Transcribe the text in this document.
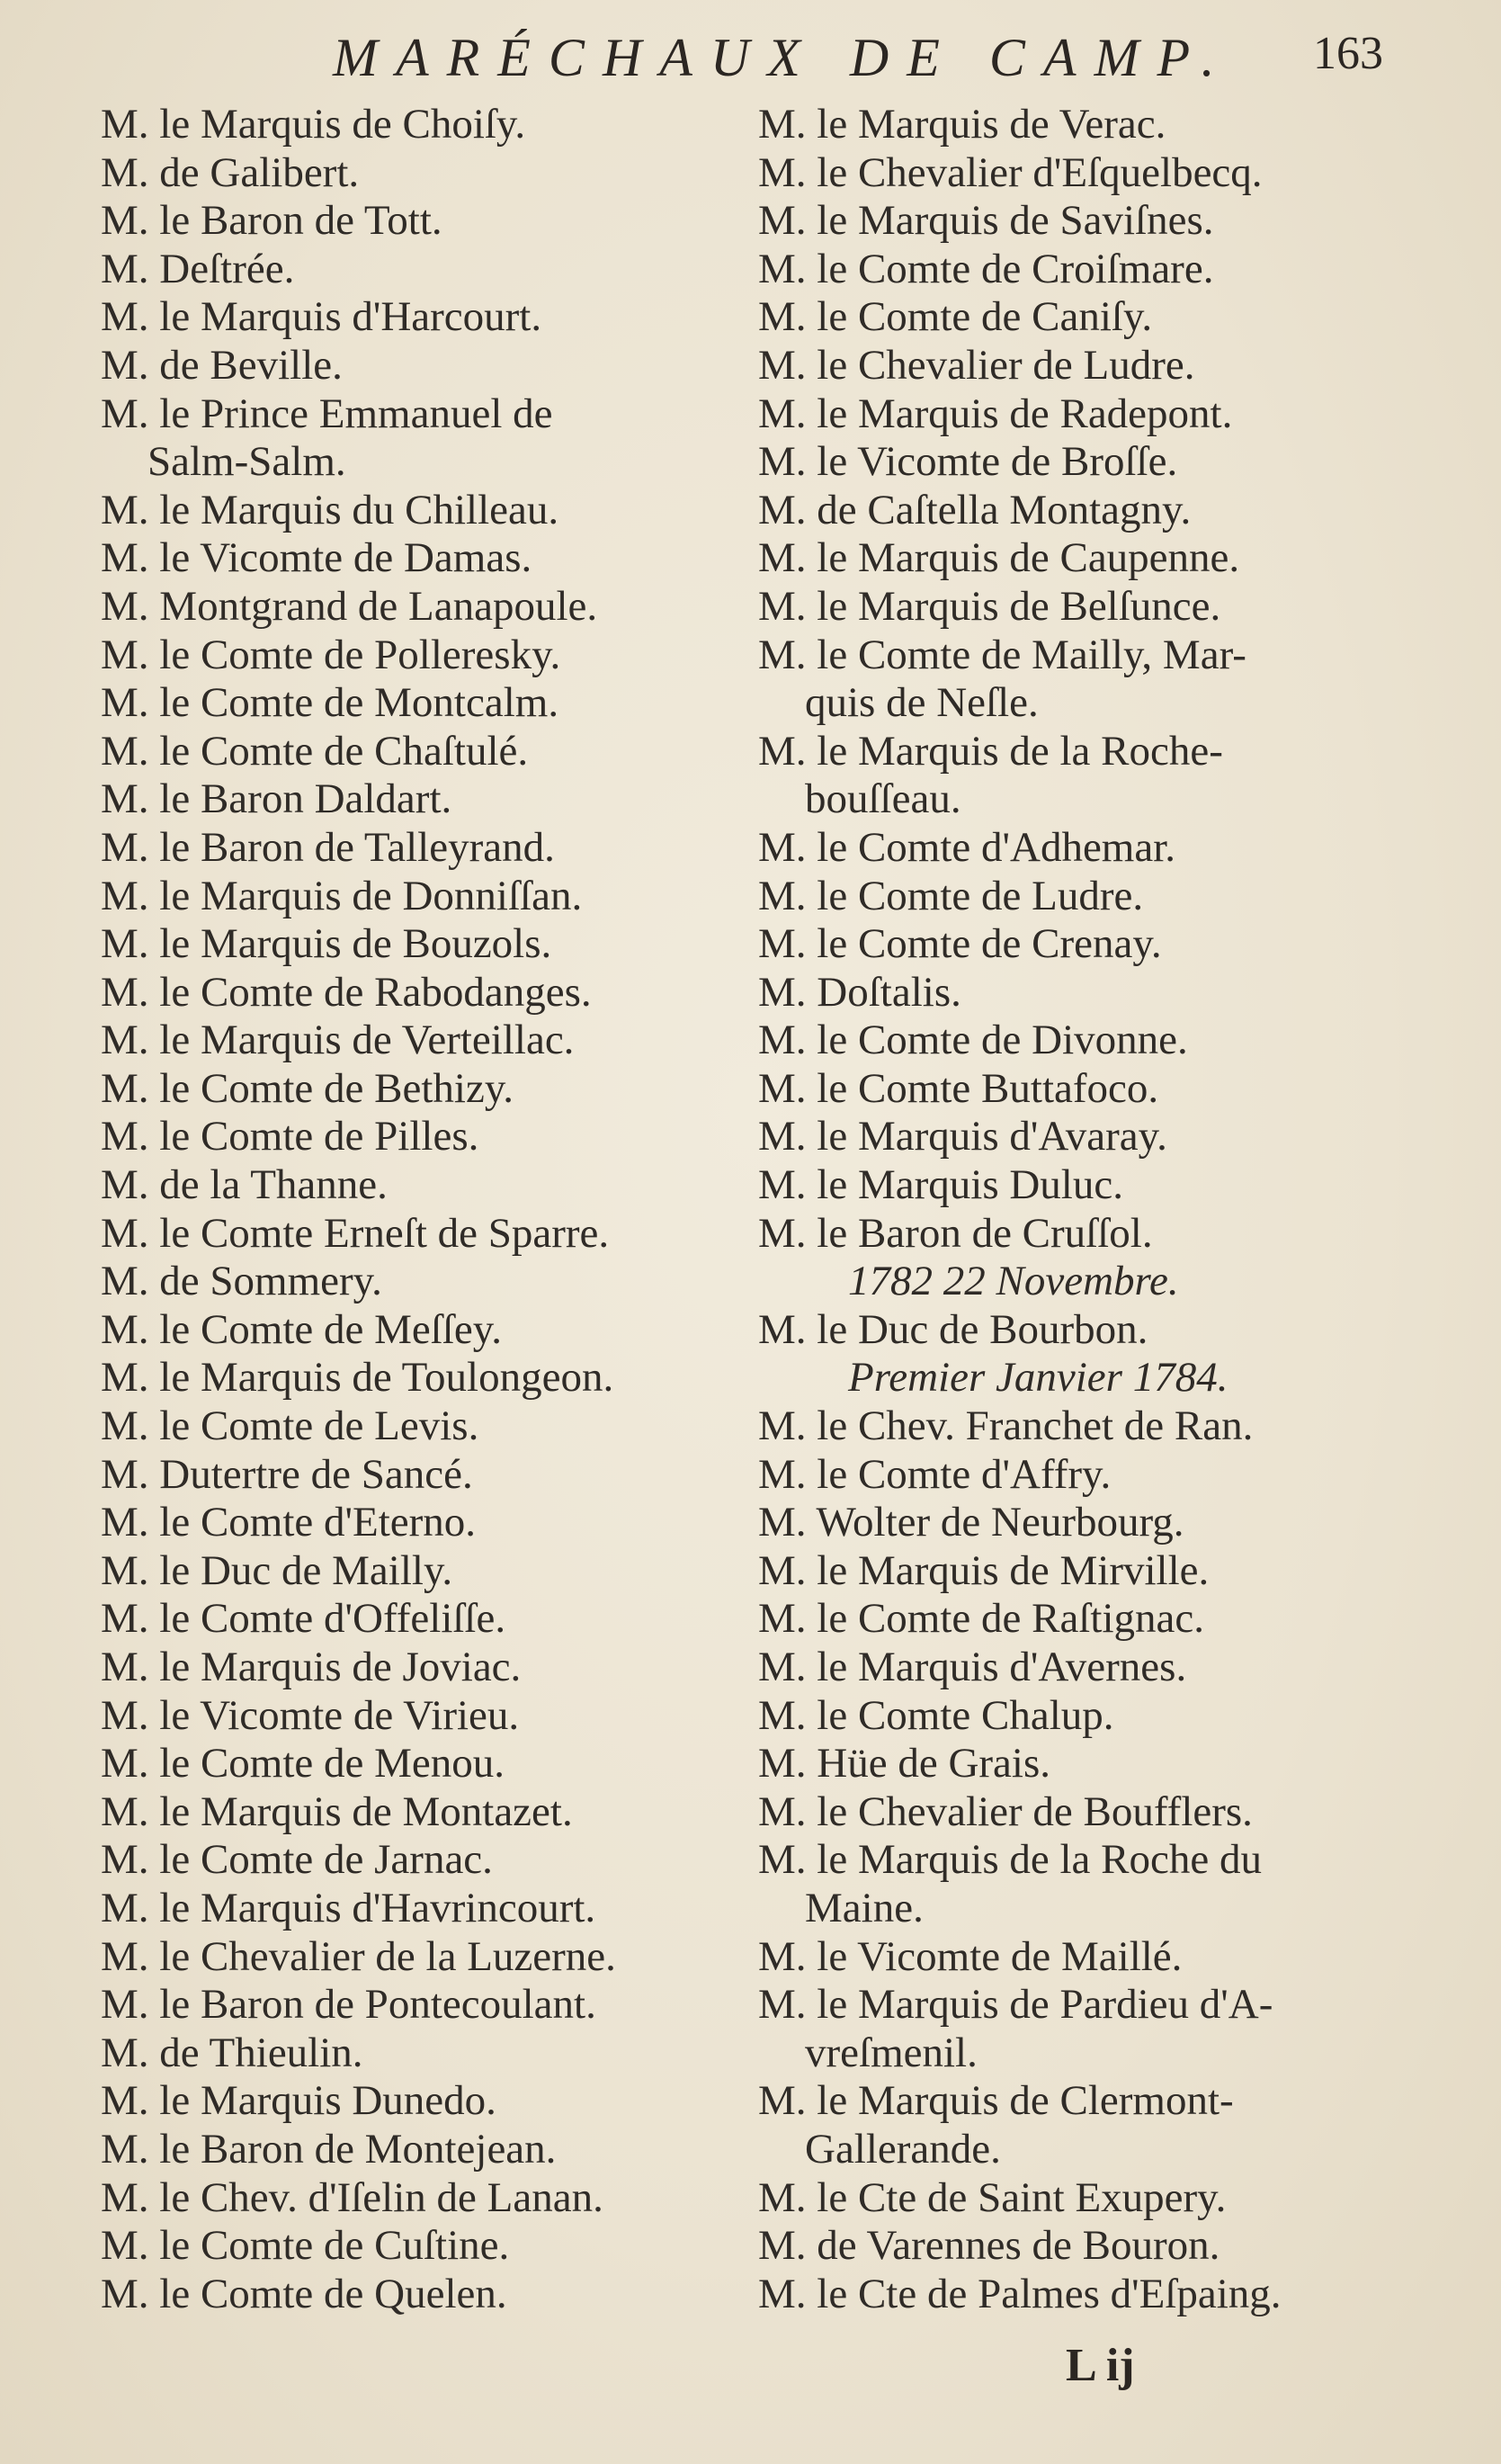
MARÉCHAUX DE CAMP.	163
M. le Marquis de Choiſy.
M. de Galibert.
M. le Baron de Tott.
M. Deſtrée.
M. le Marquis d'Harcourt.
M. de Beville.
M. le Prince Emmanuel de
Salm-Salm.
M. le Marquis du Chilleau.
M. le Vicomte de Damas.
M. Montgrand de Lanapoule.
M. le Comte de Polleresky.
M. le Comte de Montcalm.
M. le Comte de Chaſtulé.
M. le Baron Daldart.
M. le Baron de Talleyrand.
M. le Marquis de Donniſſan.
M. le Marquis de Bouzols.
M. le Comte de Rabodanges.
M. le Marquis de Verteillac.
M. le Comte de Bethizy.
M. le Comte de Pilles.
M. de la Thanne.
M. le Comte Erneſt de Sparre.
M. de Sommery.
M. le Comte de Meſſey.
M. le Marquis de Toulongeon.
M. le Comte de Levis.
M. Dutertre de Sancé.
M. le Comte d'Eterno.
M. le Duc de Mailly.
M. le Comte d'Offeliſſe.
M. le Marquis de Joviac.
M. le Vicomte de Virieu.
M. le Comte de Menou.
M. le Marquis de Montazet.
M. le Comte de Jarnac.
M. le Marquis d'Havrincourt.
M. le Chevalier de la Luzerne.
M. le Baron de Pontecoulant.
M. de Thieulin.
M. le Marquis Dunedo.
M. le Baron de Montejean.
M. le Chev. d'Iſelin de Lanan.
M. le Comte de Cuſtine.
M. le Comte de Quelen.
M. le Marquis de Verac.
M. le Chevalier d'Eſquelbecq.
M. le Marquis de Saviſnes.
M. le Comte de Croiſmare.
M. le Comte de Caniſy.
M. le Chevalier de Ludre.
M. le Marquis de Radepont.
M. le Vicomte de Broſſe.
M. de Caſtella Montagny.
M. le Marquis de Caupenne.
M. le Marquis de Belſunce.
M. le Comte de Mailly, Mar-
quis de Neſle.
M. le Marquis de la Roche-
bouſſeau.
M. le Comte d'Adhemar.
M. le Comte de Ludre.
M. le Comte de Crenay.
M. Doſtalis.
M. le Comte de Divonne.
M. le Comte Buttafoco.
M. le Marquis d'Avaray.
M. le Marquis Duluc.
M. le Baron de Cruſſol.
1782 22 Novembre.
M. le Duc de Bourbon.
Premier Janvier 1784.
M. le Chev. Franchet de Ran.
M. le Comte d'Affry.
M. Wolter de Neurbourg.
M. le Marquis de Mirville.
M. le Comte de Raſtignac.
M. le Marquis d'Avernes.
M. le Comte Chalup.
M. Hüe de Grais.
M. le Chevalier de Boufflers.
M. le Marquis de la Roche du
Maine.
M. le Vicomte de Maillé.
M. le Marquis de Pardieu d'A-
vreſmenil.
M. le Marquis de Clermont-
Gallerande.
M. le Cte de Saint Exupery.
M. de Varennes de Bouron.
M. le Cte de Palmes d'Eſpaing.
L ij
